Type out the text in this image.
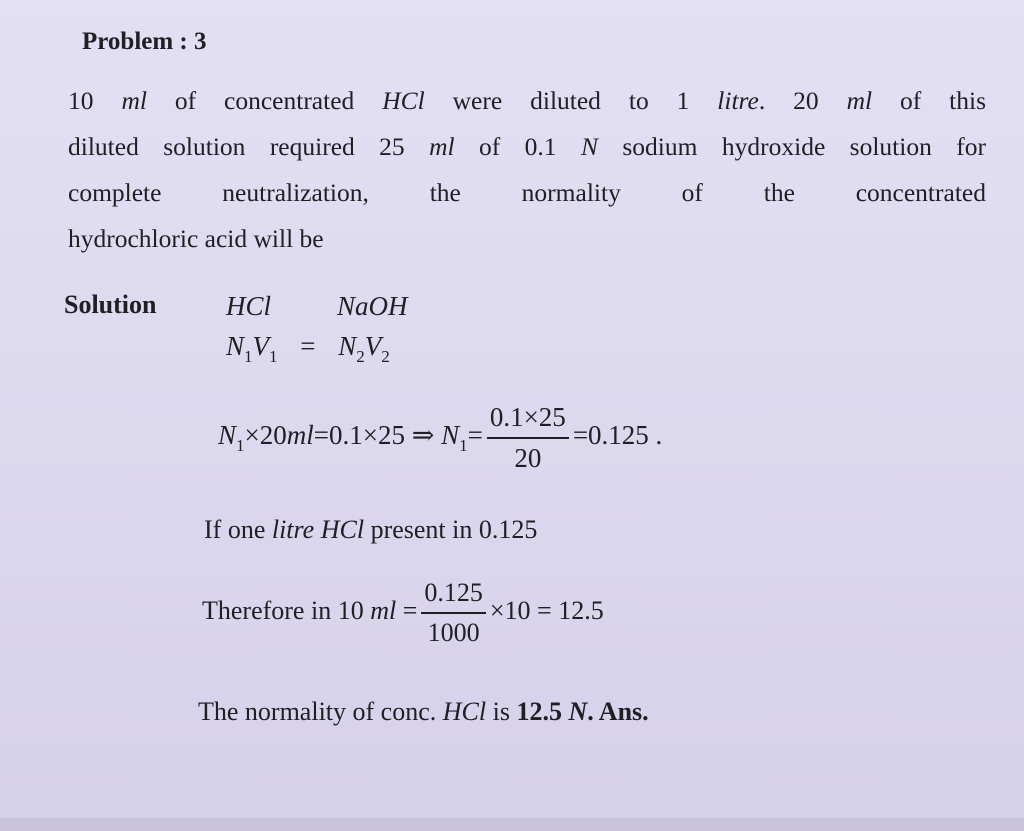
Problem : 3
10 ml of concentrated HCl were diluted to 1 litre. 20 ml of this
diluted solution required 25 ml of 0.1 N sodium hydroxide solution for
complete neutralization, the normality of the concentrated
hydrochloric acid will be
Solution	HCl NaOH
$N_1V_1 = N_2V_2$
$N_1\times 20ml=0.1\times 25$ ⇒ $N_1= \frac{0.1\times 25}{20} =0.125$ .
If one litre HCl present in 0.125
Therefore in 10 ml = $\frac{0.125}{1000} \times 10 = 12.5$
The normality of conc. HCl is 12.5 N. Ans.
